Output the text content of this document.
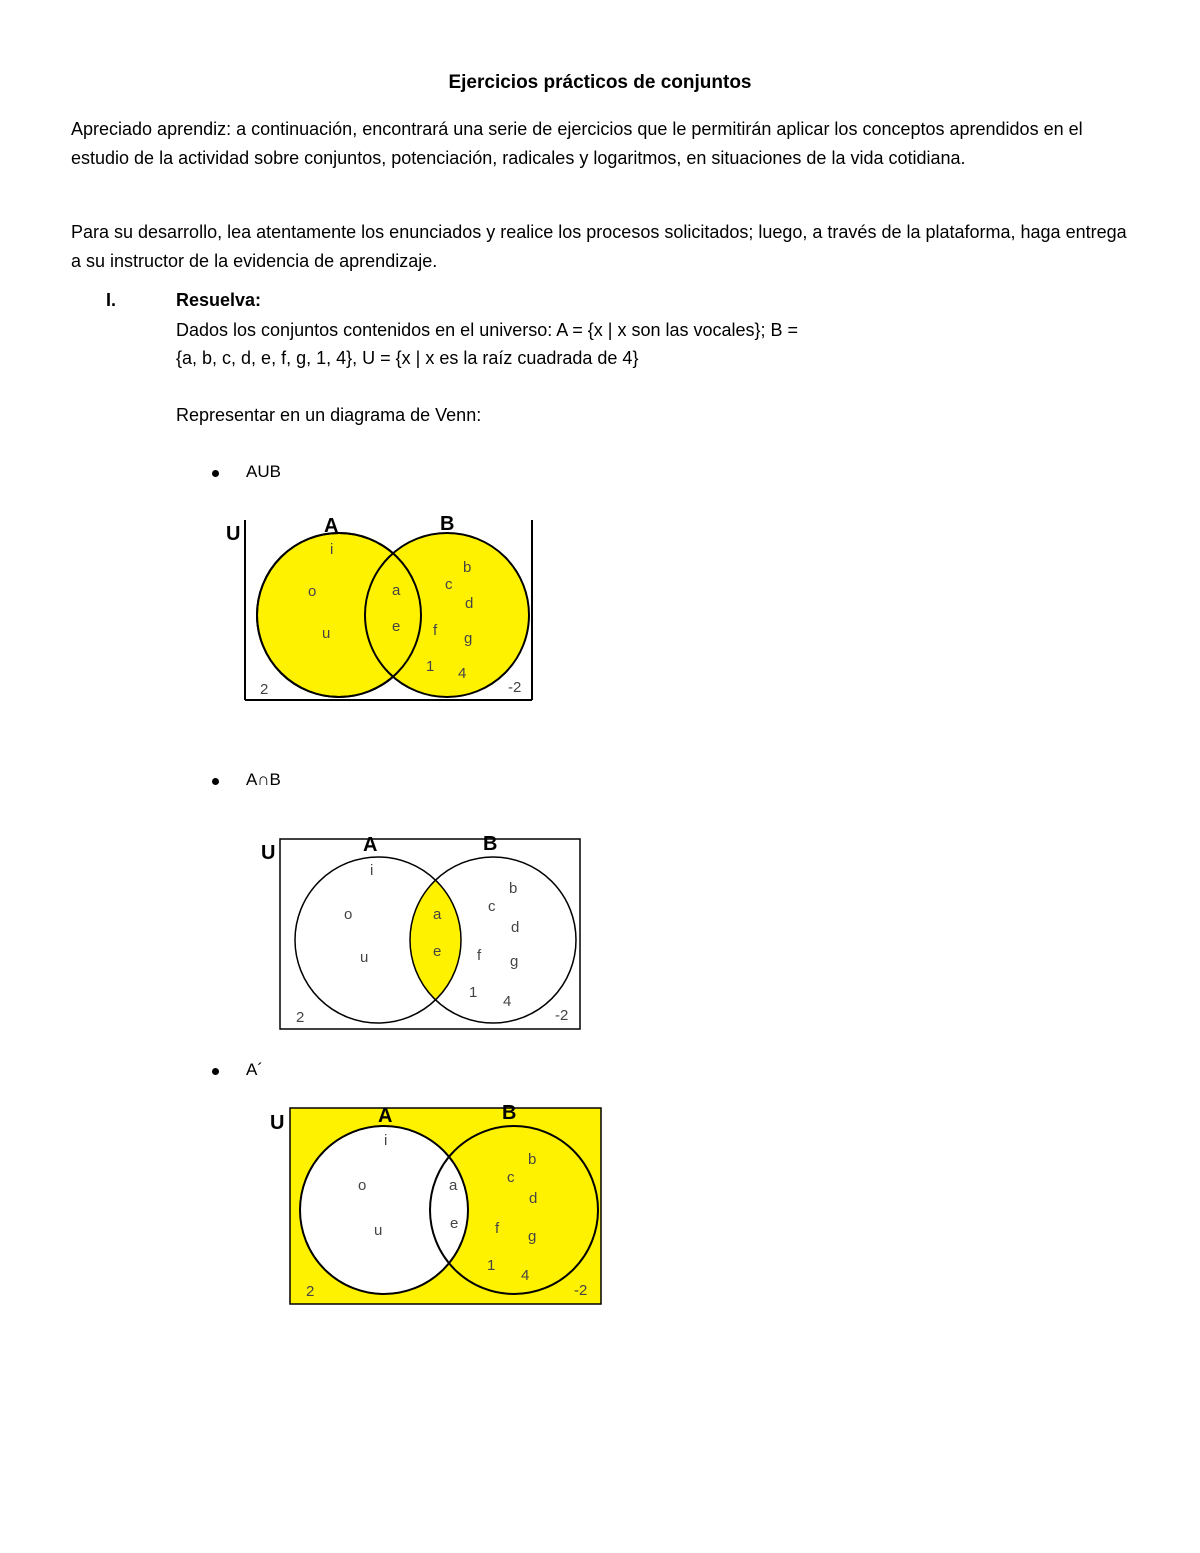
Ejercicios prácticos de conjuntos
Apreciado aprendiz: a continuación, encontrará una serie de ejercicios que le permitirán aplicar los conceptos aprendidos en el estudio de la actividad sobre conjuntos, potenciación, radicales y logaritmos, en situaciones de la vida cotidiana.
Para su desarrollo, lea atentamente los enunciados y realice los procesos solicitados; luego, a través de la plataforma, haga entrega a su instructor de la evidencia de aprendizaje.
I.	Resuelva:
Dados los conjuntos contenidos en el universo: A = {x | x son las vocales}; B =
{a, b, c, d, e, f, g, 1, 4}, U = {x | x es la raíz cuadrada de 4}
Representar en un diagrama de Venn:
AUB
U	A	B
i
o
u
a
e
b
c
d
f g
1 4
2	-2
A∩B
U	A	B
i
o
u
a
e
b
c
d
f g
1
4
2	-2
A´
U	A	B
i
o
u
a
e
b
c
d
f g
1
4
2	-2
